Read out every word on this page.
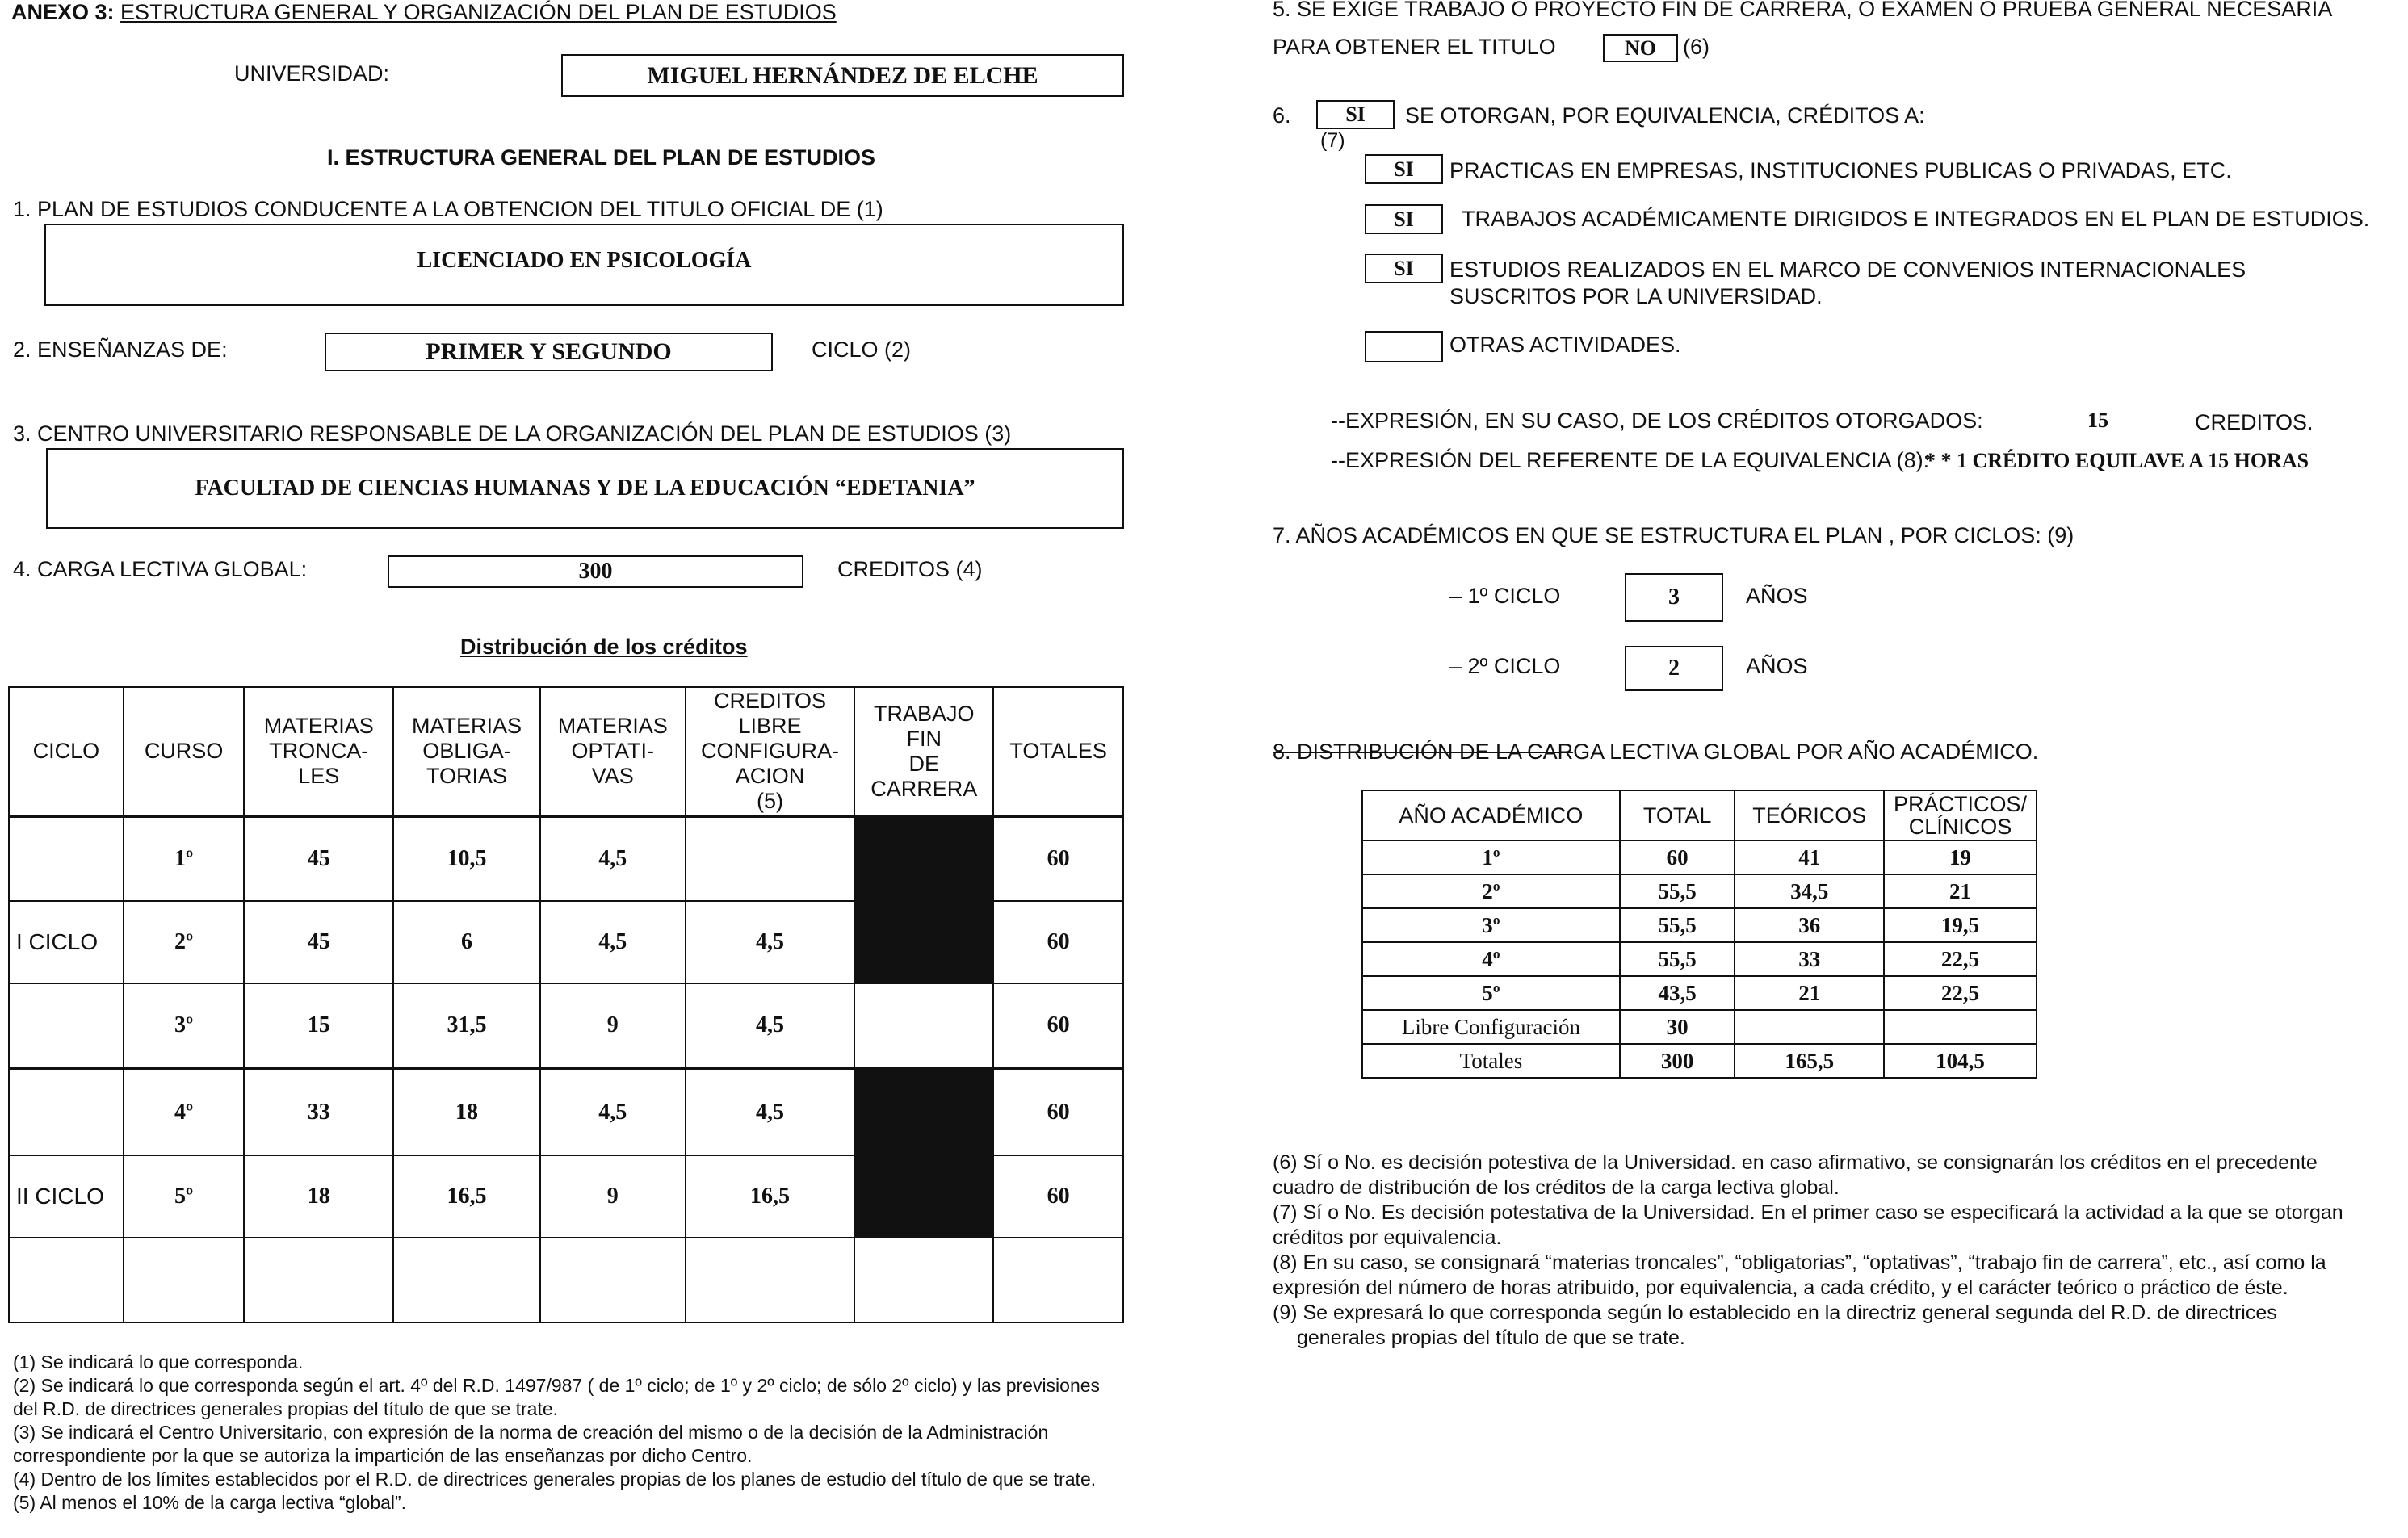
ANEXO 3: ESTRUCTURA GENERAL Y ORGANIZACIÓN DEL PLAN DE ESTUDIOS
UNIVERSIDAD:	MIGUEL HERNÁNDEZ DE ELCHE
I. ESTRUCTURA GENERAL DEL PLAN DE ESTUDIOS
1. PLAN DE ESTUDIOS CONDUCENTE A LA OBTENCION DEL TITULO OFICIAL DE (1)
LICENCIADO EN PSICOLOGÍA
2. ENSEÑANZAS DE:	PRIMER Y SEGUNDO	CICLO (2)
3. CENTRO UNIVERSITARIO RESPONSABLE DE LA ORGANIZACIÓN DEL PLAN DE ESTUDIOS (3)
FACULTAD DE CIENCIAS HUMANAS Y DE LA EDUCACIÓN “EDETANIA”
4. CARGA LECTIVA GLOBAL:	300	CREDITOS (4)
Distribución de los créditos
CICLO	CURSO	MATERIAS
TRONCA-
LES	MATERIAS
OBLIGA-
TORIAS	MATERIAS
OPTATI-
VAS	CREDITOS
LIBRE
CONFIGURA-
ACION
(5)	TRABAJO
FIN
DE
CARRERA	TOTALES
	1º	45	10,5	4,5			60
I CICLO	2º	45	6	4,5	4,5		60
	3º	15	31,5	9	4,5		60
	4º	33	18	4,5	4,5		60
II CICLO	5º	18	16,5	9	16,5		60

(1) Se indicará lo que corresponda.
(2) Se indicará lo que corresponda según el art. 4º del R.D. 1497/987 ( de 1º ciclo; de 1º y 2º ciclo; de sólo 2º ciclo) y las previsiones
del R.D. de directrices generales propias del título de que se trate.
(3) Se indicará el Centro Universitario, con expresión de la norma de creación del mismo o de la decisión de la Administración
correspondiente por la que se autoriza la impartición de las enseñanzas por dicho Centro.
(4) Dentro de los límites establecidos por el R.D. de directrices generales propias de los planes de estudio del título de que se trate.
(5) Al menos el 10% de la carga lectiva “global”.
5. SE EXIGE TRABAJO O PROYECTO FIN DE CARRERA, O EXAMEN O PRUEBA GENERAL NECESARIA
PARA OBTENER EL TITULO	NO	(6)
6.	SI	SE OTORGAN, POR EQUIVALENCIA, CRÉDITOS A:
(7)
SI	PRACTICAS EN EMPRESAS, INSTITUCIONES PUBLICAS O PRIVADAS, ETC.
SI	TRABAJOS ACADÉMICAMENTE DIRIGIDOS E INTEGRADOS EN EL PLAN DE ESTUDIOS.
SI	ESTUDIOS REALIZADOS EN EL MARCO DE CONVENIOS INTERNACIONALES
SUSCRITOS POR LA UNIVERSIDAD.
OTRAS ACTIVIDADES.
--EXPRESIÓN, EN SU CASO, DE LOS CRÉDITOS OTORGADOS:	15	CREDITOS.
--EXPRESIÓN DEL REFERENTE DE LA EQUIVALENCIA (8):
* * 1 CRÉDITO EQUILAVE A 15 HORAS
7. AÑOS ACADÉMICOS EN QUE SE ESTRUCTURA EL PLAN , POR CICLOS: (9)
– 1º CICLO	3	AÑOS
– 2º CICLO	2	AÑOS
8. DISTRIBUCIÓN DE LA CARGA LECTIVA GLOBAL POR AÑO ACADÉMICO.
AÑO ACADÉMICO	TOTAL	TEÓRICOS	PRÁCTICOS/ CLÍNICOS
1º	60	41	19
2º	55,5	34,5	21
3º	55,5	36	19,5
4º	55,5	33	22,5
5º	43,5	21	22,5
Libre Configuración	30		
Totales	300	165,5	104,5
(6) Sí o No. es decisión potestiva de la Universidad. en caso afirmativo, se consignarán los créditos en el precedente
cuadro de distribución de los créditos de la carga lectiva global.
(7) Sí o No. Es decisión potestativa de la Universidad. En el primer caso se especificará la actividad a la que se otorgan
créditos por equivalencia.
(8) En su caso, se consignará “materias troncales”, “obligatorias”, “optativas”, “trabajo fin de carrera”, etc., así como la
expresión del número de horas atribuido, por equivalencia, a cada crédito, y el carácter teórico o práctico de éste.
(9) Se expresará lo que corresponda según lo establecido en la directriz general segunda del R.D. de directrices
generales propias del título de que se trate.
